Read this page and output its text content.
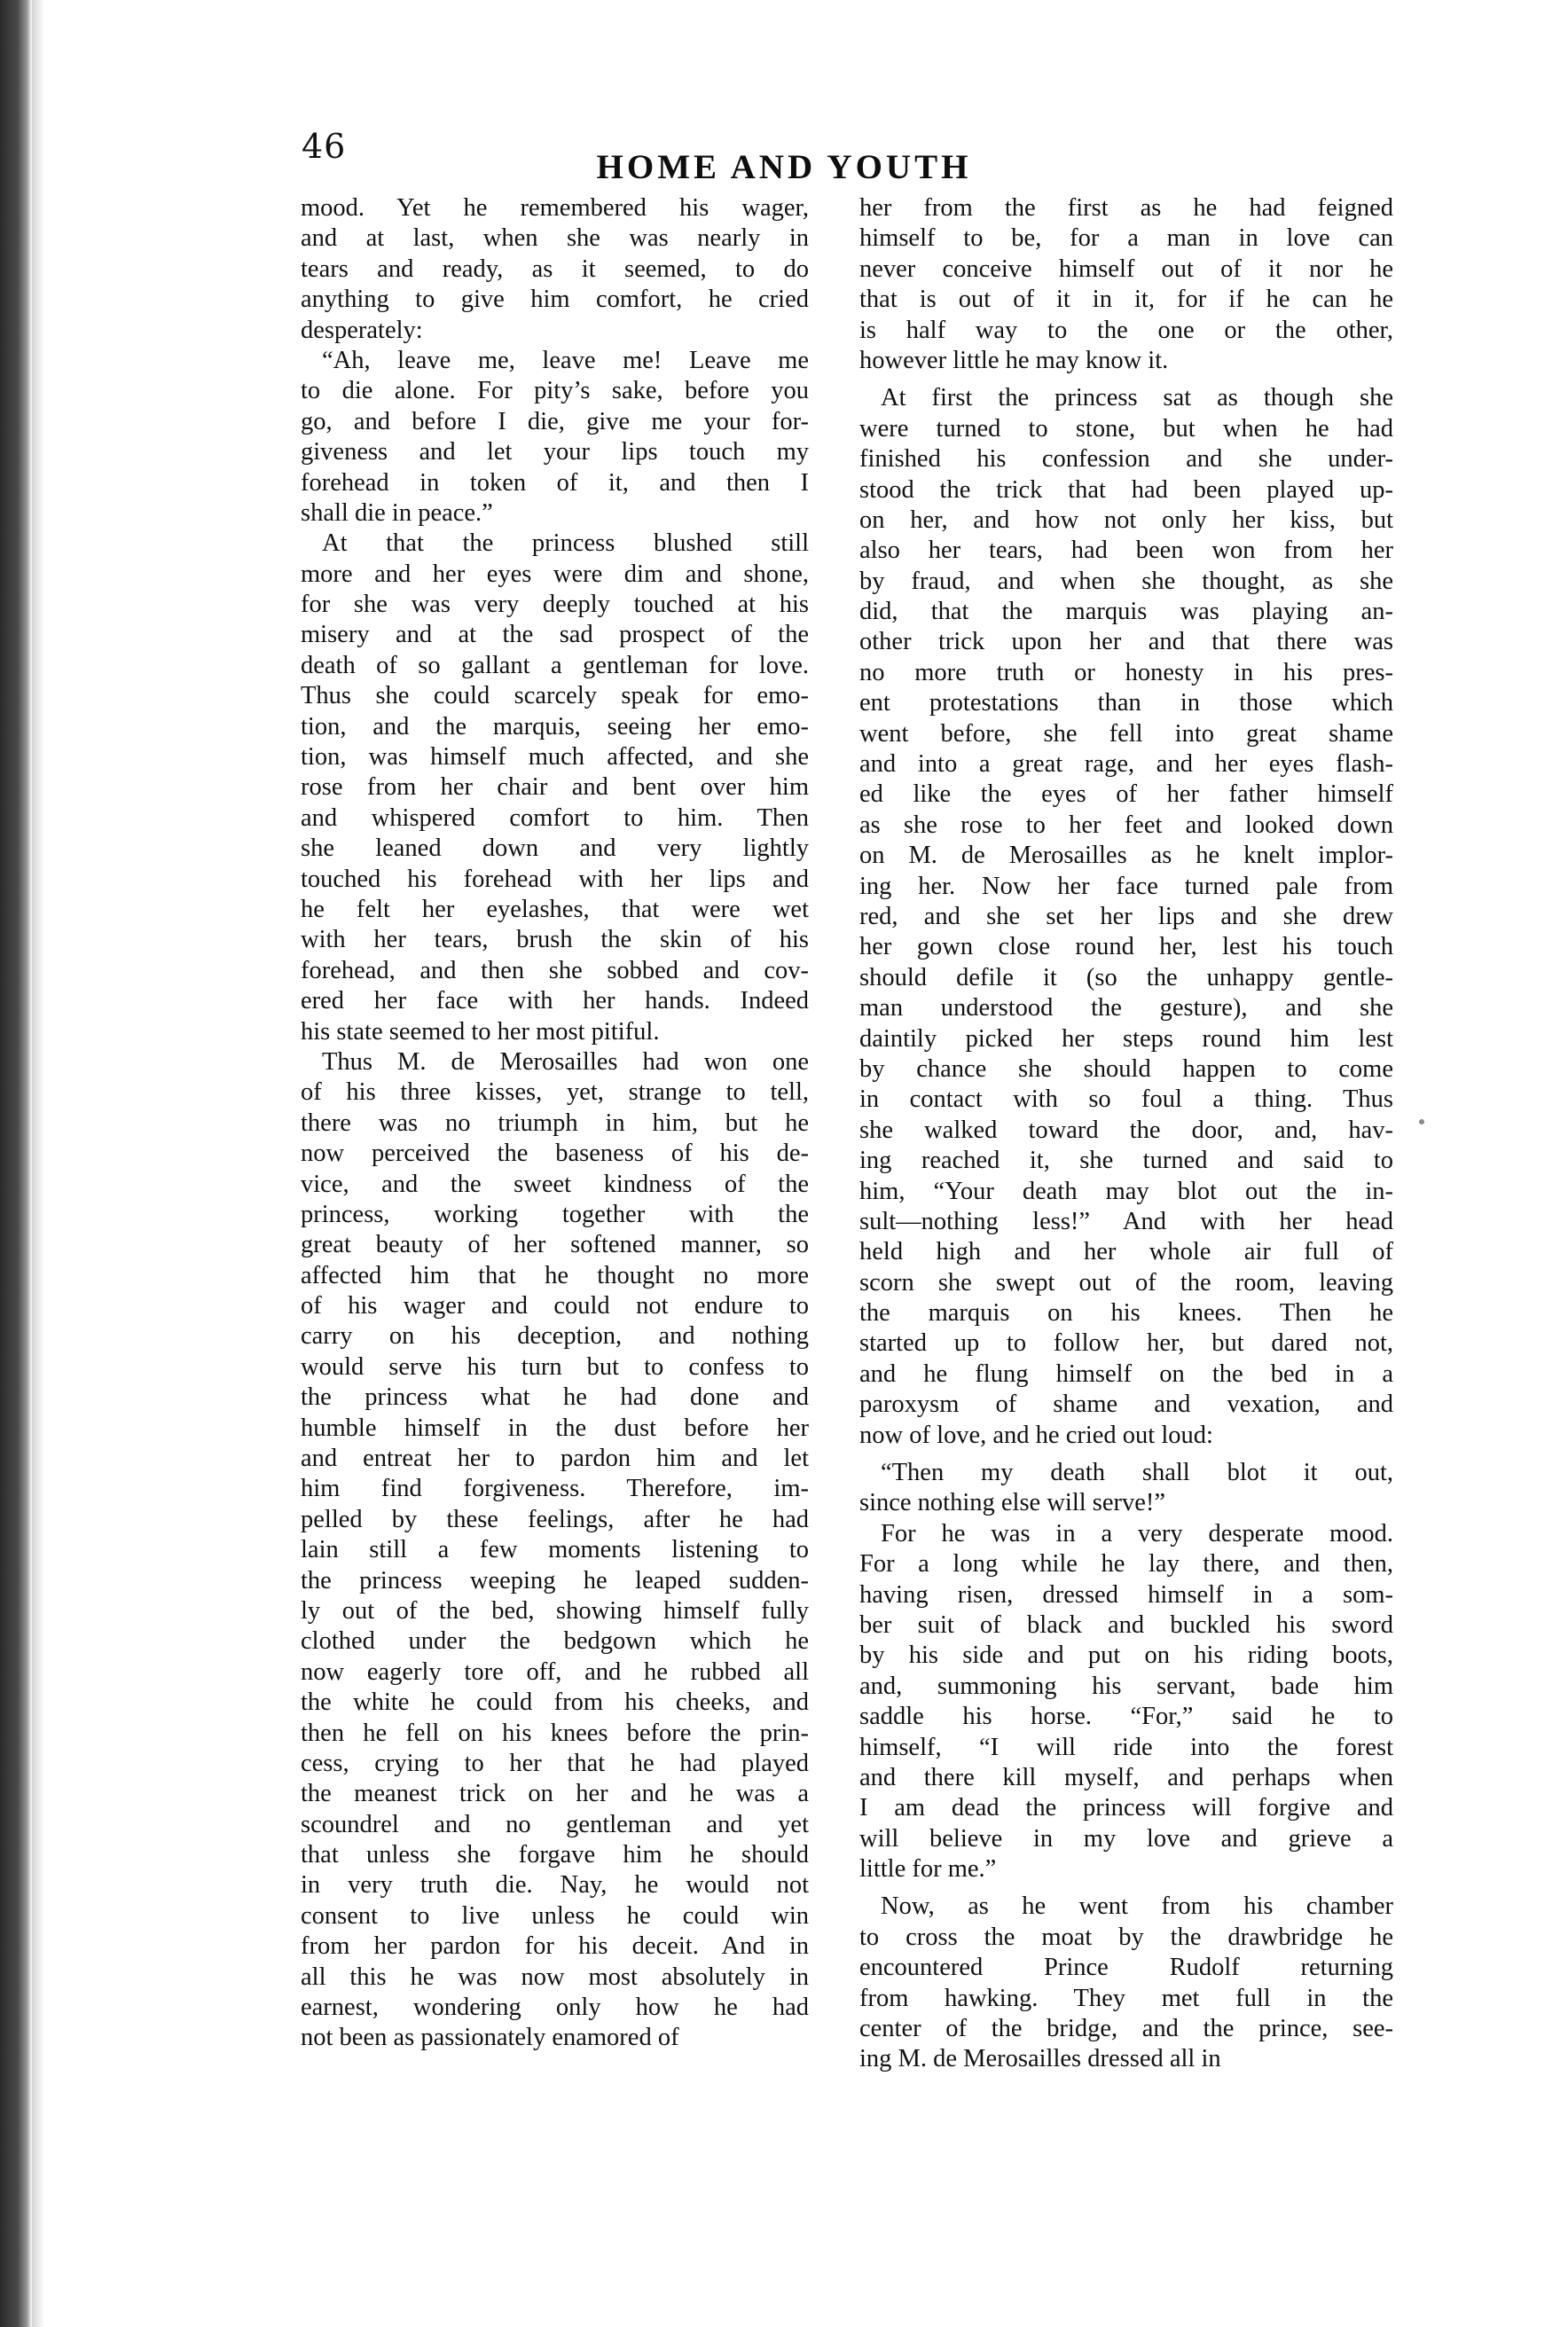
46
HOME AND YOUTH
mood. Yet he remembered his wager,
and at last, when she was nearly in
tears and ready, as it seemed, to do
anything to give him comfort, he cried
desperately:
“Ah, leave me, leave me! Leave me
to die alone. For pity’s sake, before you
go, and before I die, give me your for-
giveness and let your lips touch my
forehead in token of it, and then I
shall die in peace.”
At that the princess blushed still
more and her eyes were dim and shone,
for she was very deeply touched at his
misery and at the sad prospect of the
death of so gallant a gentleman for love.
Thus she could scarcely speak for emo-
tion, and the marquis, seeing her emo-
tion, was himself much affected, and she
rose from her chair and bent over him
and whispered comfort to him. Then
she leaned down and very lightly
touched his forehead with her lips and
he felt her eyelashes, that were wet
with her tears, brush the skin of his
forehead, and then she sobbed and cov-
ered her face with her hands. Indeed
his state seemed to her most pitiful.
Thus M. de Merosailles had won one
of his three kisses, yet, strange to tell,
there was no triumph in him, but he
now perceived the baseness of his de-
vice, and the sweet kindness of the
princess, working together with the
great beauty of her softened manner, so
affected him that he thought no more
of his wager and could not endure to
carry on his deception, and nothing
would serve his turn but to confess to
the princess what he had done and
humble himself in the dust before her
and entreat her to pardon him and let
him find forgiveness. Therefore, im-
pelled by these feelings, after he had
lain still a few moments listening to
the princess weeping he leaped sudden-
ly out of the bed, showing himself fully
clothed under the bedgown which he
now eagerly tore off, and he rubbed all
the white he could from his cheeks, and
then he fell on his knees before the prin-
cess, crying to her that he had played
the meanest trick on her and he was a
scoundrel and no gentleman and yet
that unless she forgave him he should
in very truth die. Nay, he would not
consent to live unless he could win
from her pardon for his deceit. And in
all this he was now most absolutely in
earnest, wondering only how he had
not been as passionately enamored of
her from the first as he had feigned
himself to be, for a man in love can
never conceive himself out of it nor he
that is out of it in it, for if he can he
is half way to the one or the other,
however little he may know it.
At first the princess sat as though she
were turned to stone, but when he had
finished his confession and she under-
stood the trick that had been played up-
on her, and how not only her kiss, but
also her tears, had been won from her
by fraud, and when she thought, as she
did, that the marquis was playing an-
other trick upon her and that there was
no more truth or honesty in his pres-
ent protestations than in those which
went before, she fell into great shame
and into a great rage, and her eyes flash-
ed like the eyes of her father himself
as she rose to her feet and looked down
on M. de Merosailles as he knelt implor-
ing her. Now her face turned pale from
red, and she set her lips and she drew
her gown close round her, lest his touch
should defile it (so the unhappy gentle-
man understood the gesture), and she
daintily picked her steps round him lest
by chance she should happen to come
in contact with so foul a thing. Thus
she walked toward the door, and, hav-
ing reached it, she turned and said to
him, “Your death may blot out the in-
sult—nothing less!” And with her head
held high and her whole air full of
scorn she swept out of the room, leaving
the marquis on his knees. Then he
started up to follow her, but dared not,
and he flung himself on the bed in a
paroxysm of shame and vexation, and
now of love, and he cried out loud:
“Then my death shall blot it out,
since nothing else will serve!”
For he was in a very desperate mood.
For a long while he lay there, and then,
having risen, dressed himself in a som-
ber suit of black and buckled his sword
by his side and put on his riding boots,
and, summoning his servant, bade him
saddle his horse. “For,” said he to
himself, “I will ride into the forest
and there kill myself, and perhaps when
I am dead the princess will forgive and
will believe in my love and grieve a
little for me.”
Now, as he went from his chamber
to cross the moat by the drawbridge he
encountered Prince Rudolf returning
from hawking. They met full in the
center of the bridge, and the prince, see-
ing M. de Merosailles dressed all in
